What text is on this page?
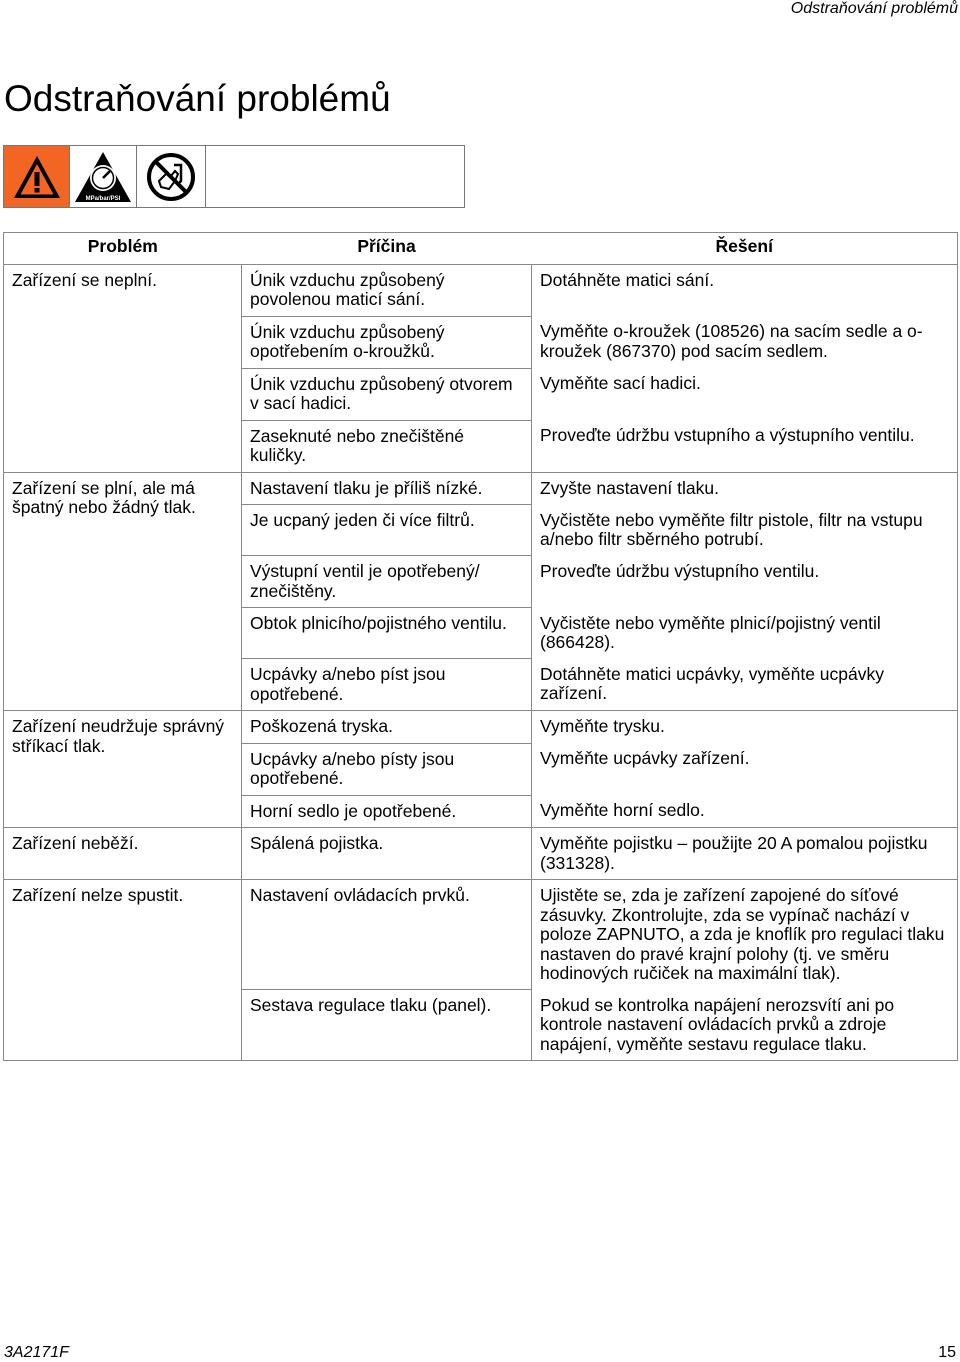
Odstraňování problémů
Odstraňování problémů
MPa/bar/PSI
Problém	Příčina	Řešení
Zařízení se neplní.	Únik vzduchu způsobený povolenou maticí sání.	Dotáhněte matici sání.
	Únik vzduchu způsobený opotřebením o-kroužků.	Vyměňte o-kroužek (108526) na sacím sedle a o-kroužek (867370) pod sacím sedlem.
	Únik vzduchu způsobený otvorem v sací hadici.	Vyměňte sací hadici.
	Zaseknuté nebo znečištěné kuličky.	Proveďte údržbu vstupního a výstupního ventilu.
Zařízení se plní, ale má špatný nebo žádný tlak.	Nastavení tlaku je příliš nízké.	Zvyšte nastavení tlaku.
	Je ucpaný jeden či více filtrů.	Vyčistěte nebo vyměňte filtr pistole, filtr na vstupu a/nebo filtr sběrného potrubí.
	Výstupní ventil je opotřebený/ znečištěny.	Proveďte údržbu výstupního ventilu.
	Obtok plnicího/pojistného ventilu.	Vyčistěte nebo vyměňte plnicí/pojistný ventil (866428).
	Ucpávky a/nebo píst jsou opotřebené.	Dotáhněte matici ucpávky, vyměňte ucpávky zařízení.
Zařízení neudržuje správný stříkací tlak.	Poškozená tryska.	Vyměňte trysku.
	Ucpávky a/nebo písty jsou opotřebené.	Vyměňte ucpávky zařízení.
	Horní sedlo je opotřebené.	Vyměňte horní sedlo.
Zařízení neběží.	Spálená pojistka.	Vyměňte pojistku – použijte 20 A pomalou pojistku (331328).
Zařízení nelze spustit.	Nastavení ovládacích prvků.	Ujistěte se, zda je zařízení zapojené do síťové zásuvky. Zkontrolujte, zda se vypínač nachází v poloze ZAPNUTO, a zda je knoflík pro regulaci tlaku nastaven do pravé krajní polohy (tj. ve směru hodinových ručiček na maximální tlak).
	Sestava regulace tlaku (panel).	Pokud se kontrolka napájení nerozsvítí ani po kontrole nastavení ovládacích prvků a zdroje napájení, vyměňte sestavu regulace tlaku.
3A2171F	15
